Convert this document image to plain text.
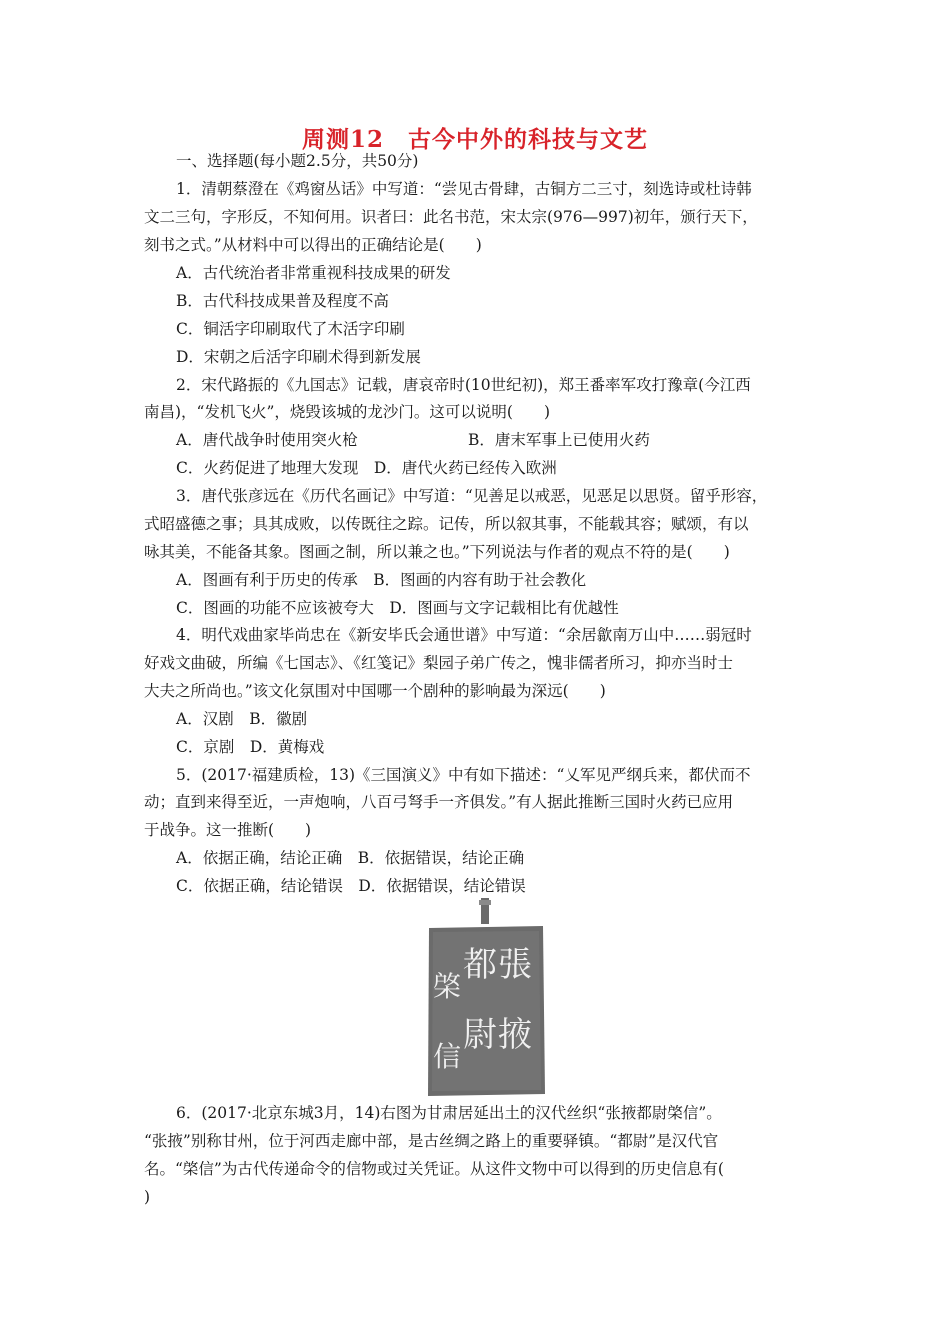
周测12　古今中外的科技与文艺
一、选择题(每小题2.5分，共50分)
1．清朝蔡澄在《鸡窗丛话》中写道：“尝见古骨肆，古铜方二三寸，刻选诗或杜诗韩
文二三句，字形反，不知何用。识者曰：此名书范，宋太宗(976—997)初年，颁行天下，
刻书之式。”从材料中可以得出的正确结论是(　　)
A．古代统治者非常重视科技成果的研发
B．古代科技成果普及程度不高
C．铜活字印刷取代了木活字印刷
D．宋朝之后活字印刷术得到新发展
2．宋代路振的《九国志》记载，唐哀帝时(10世纪初)，郑王番率军攻打豫章(今江西
南昌)，“发机飞火”，烧毁该城的龙沙门。这可以说明(　　)
A．唐代战争时使用突火枪	B．唐末军事上已使用火药
C．火药促进了地理大发现　D．唐代火药已经传入欧洲
3．唐代张彦远在《历代名画记》中写道：“见善足以戒恶，见恶足以思贤。留乎形容，
式昭盛德之事；具其成败，以传既往之踪。记传，所以叙其事，不能载其容；赋颂，有以
咏其美，不能备其象。图画之制，所以兼之也。”下列说法与作者的观点不符的是(　　)
A．图画有利于历史的传承　B．图画的内容有助于社会教化
C．图画的功能不应该被夸大　D．图画与文字记载相比有优越性
4．明代戏曲家毕尚忠在《新安毕氏会通世谱》中写道：“余居歙南万山中……弱冠时
好戏文曲破，所编《七国志》、《红笺记》梨园子弟广传之，愧非儒者所习，抑亦当时士
大夫之所尚也。”该文化氛围对中国哪一个剧种的影响最为深远(　　)
A．汉剧　B．徽剧
C．京剧　D．黄梅戏
5．(2017·福建质检，13)《三国演义》中有如下描述：“乂军见严纲兵来，都伏而不
动；直到来得至近，一声炮响，八百弓弩手一齐俱发。”有人据此推断三国时火药已应用
于战争。这一推断(　　)
A．依据正确，结论正确　B．依据错误，结论正确
C．依据正确，结论错误　D．依据错误，结论错误
張
掖
都
尉
棨
信
6．(2017·北京东城3月，14)右图为甘肃居延出土的汉代丝织“张掖都尉棨信”。
“张掖”别称甘州，位于河西走廊中部，是古丝绸之路上的重要驿镇。“都尉”是汉代官
名。“棨信”为古代传递命令的信物或过关凭证。从这件文物中可以得到的历史信息有(
)
